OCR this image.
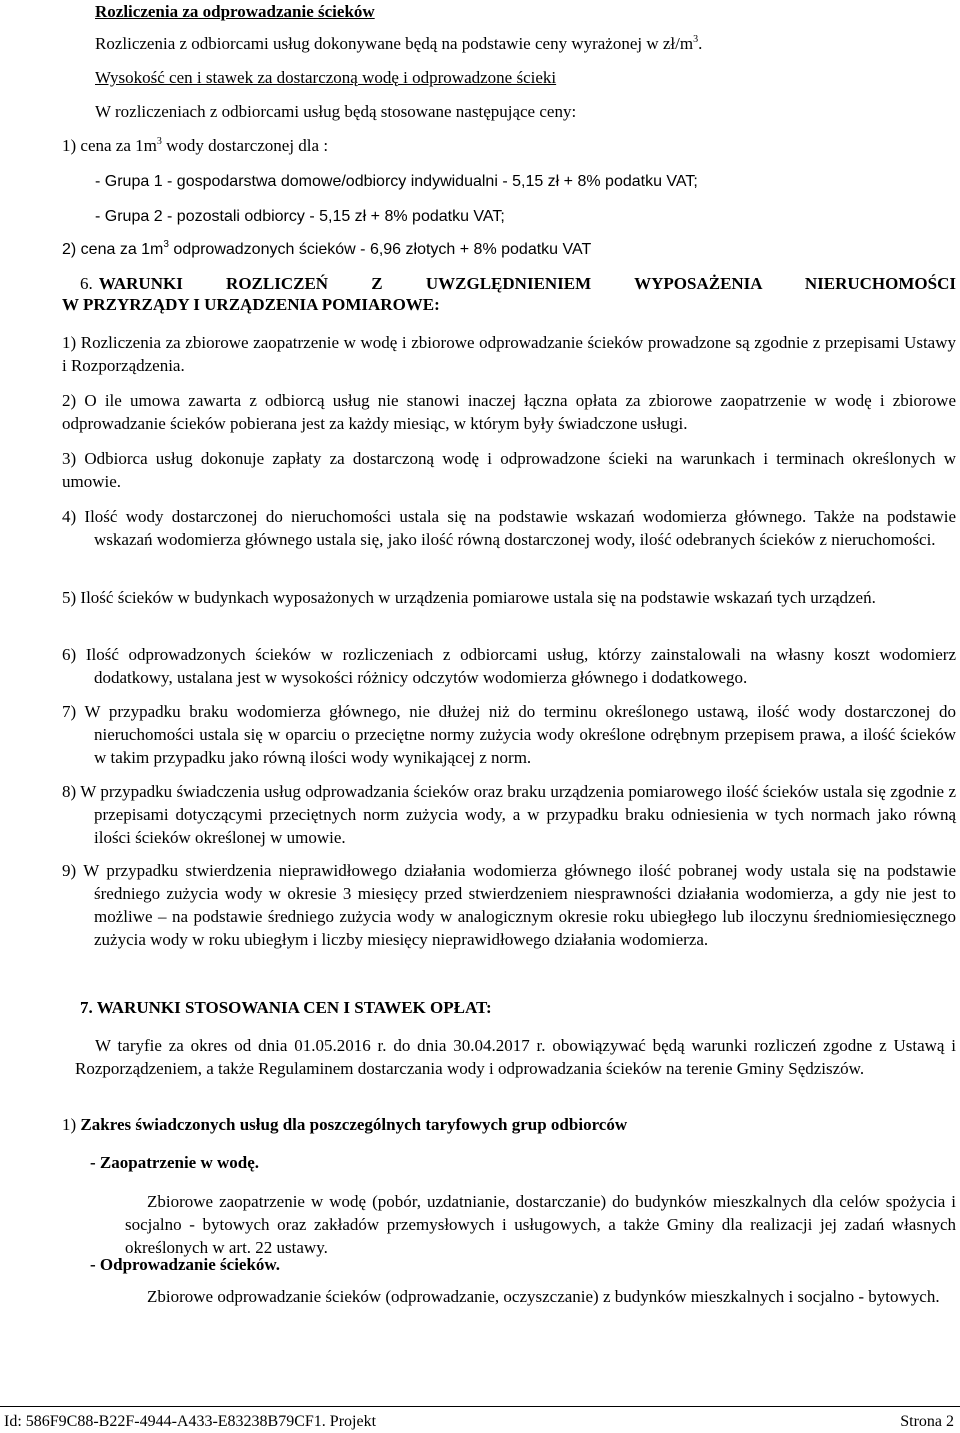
Rozliczenia za odprowadzanie ścieków
Rozliczenia z odbiorcami usług dokonywane będą na podstawie ceny wyrażonej w $zł/m^3$.
Wysokość cen i stawek za dostarczoną wodę i odprowadzone ścieki
W rozliczeniach z odbiorcami usług będą stosowane następujące ceny:
1) cena za $1m^3$ wody dostarczonej dla :
- Grupa 1 - gospodarstwa domowe/odbiorcy indywidualni - 5,15 zł + 8% podatku VAT;
- Grupa 2 - pozostali odbiorcy - 5,15 zł + 8% podatku VAT;
2) cena za $1m^3$ odprowadzonych ścieków - 6,96 złotych + 8% podatku VAT
6. WARUNKI ROZLICZEŃ Z UWZGLĘDNIENIEM WYPOSAŻENIA NIERUCHOMOŚCI
W PRZYRZĄDY I URZĄDZENIA POMIAROWE:
1) Rozliczenia za zbiorowe zaopatrzenie w wodę i zbiorowe odprowadzanie ścieków prowadzone są zgodnie z przepisami Ustawy i Rozporządzenia.
2) O ile umowa zawarta z odbiorcą usług nie stanowi inaczej łączna opłata za zbiorowe zaopatrzenie w wodę i zbiorowe odprowadzanie ścieków pobierana jest za każdy miesiąc, w którym były świadczone usługi.
3) Odbiorca usług dokonuje zapłaty za dostarczoną wodę i odprowadzone ścieki na warunkach i terminach określonych w umowie.
4) Ilość wody dostarczonej do nieruchomości ustala się na podstawie wskazań wodomierza głównego. Także na podstawie wskazań wodomierza głównego ustala się, jako ilość równą dostarczonej wody, ilość odebranych ścieków z nieruchomości.
5) Ilość ścieków w budynkach wyposażonych w urządzenia pomiarowe ustala się na podstawie wskazań tych urządzeń.
6) Ilość odprowadzonych ścieków w rozliczeniach z odbiorcami usług, którzy zainstalowali na własny koszt wodomierz dodatkowy, ustalana jest w wysokości różnicy odczytów wodomierza głównego i dodatkowego.
7) W przypadku braku wodomierza głównego, nie dłużej niż do terminu określonego ustawą, ilość wody dostarczonej do nieruchomości ustala się w oparciu o przeciętne normy zużycia wody określone odrębnym przepisem prawa, a ilość ścieków w takim przypadku jako równą ilości wody wynikającej z norm.
8) W przypadku świadczenia usług odprowadzania ścieków oraz braku urządzenia pomiarowego ilość ścieków ustala się zgodnie z przepisami dotyczącymi przeciętnych norm zużycia wody, a w przypadku braku odniesienia w tych normach jako równą ilości ścieków określonej w umowie.
9) W przypadku stwierdzenia nieprawidłowego działania wodomierza głównego ilość pobranej wody ustala się na podstawie średniego zużycia wody w okresie 3 miesięcy przed stwierdzeniem niesprawności działania wodomierza, a gdy nie jest to możliwe – na podstawie średniego zużycia wody w analogicznym okresie roku ubiegłego lub iloczynu średniomiesięcznego zużycia wody w roku ubiegłym i liczby miesięcy nieprawidłowego działania wodomierza.
7. WARUNKI STOSOWANIA CEN I STAWEK OPŁAT:
W taryfie za okres od dnia 01.05.2016 r. do dnia 30.04.2017 r. obowiązywać będą warunki rozliczeń zgodne z Ustawą i Rozporządzeniem, a także Regulaminem dostarczania wody i odprowadzania ścieków na terenie Gminy Sędziszów.
1) Zakres świadczonych usług dla poszczególnych taryfowych grup odbiorców
- Zaopatrzenie w wodę.
Zbiorowe zaopatrzenie w wodę (pobór, uzdatnianie, dostarczanie) do budynków mieszkalnych dla celów spożycia i socjalno - bytowych oraz zakładów przemysłowych i usługowych, a także Gminy dla realizacji jej zadań własnych określonych w art. 22 ustawy.
- Odprowadzanie ścieków.
Zbiorowe odprowadzanie ścieków (odprowadzanie, oczyszczanie) z budynków mieszkalnych i socjalno - bytowych.
Id: 586F9C88-B22F-4944-A433-E83238B79CF1. Projekt	Strona 2
